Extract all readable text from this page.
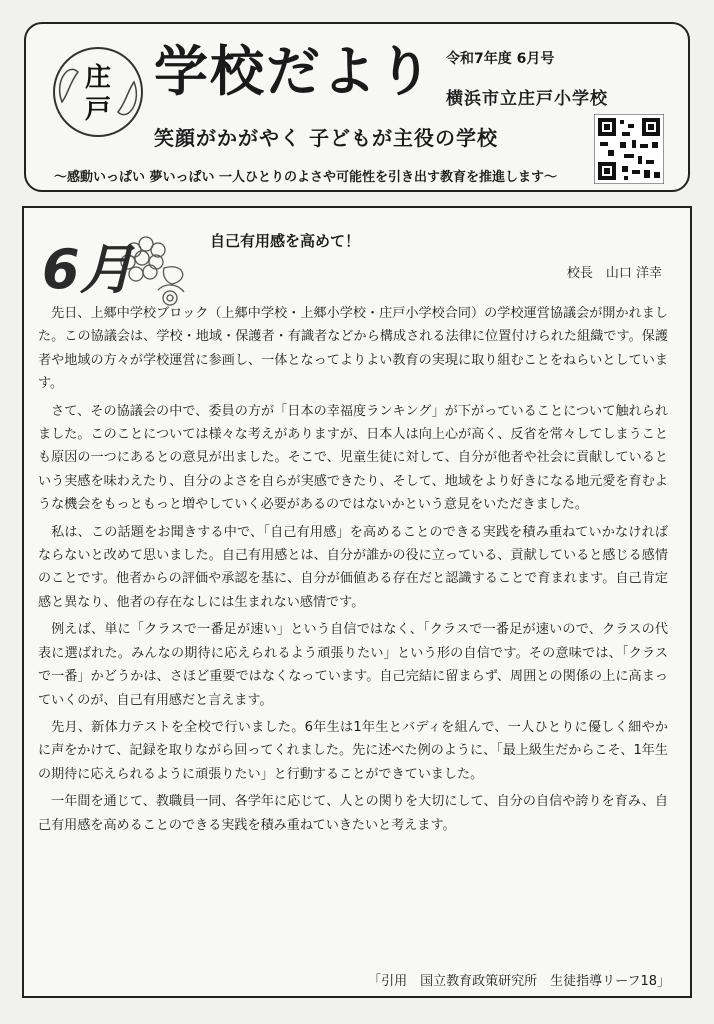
庄
戸
学校だより 令和7年度 6月号
横浜市立庄戸小学校
笑顔がかがやく 子どもが主役の学校
〜感動いっぱい 夢いっぱい 一人ひとりのよさや可能性を引き出す教育を推進します〜
6月	自己有用感を高めて！
校長　山口 洋幸

先日、上郷中学校ブロック（上郷中学校・上郷小学校・庄戸小学校合同）の学校運営協議会が開かれました。この協議会は、学校・地域・保護者・有識者などから構成される法律に位置付けられた組織です。保護者や地域の方々が学校運営に参画し、一体となってよりよい教育の実現に取り組むことをねらいとしています。

さて、その協議会の中で、委員の方が「日本の幸福度ランキング」が下がっていることについて触れられました。このことについては様々な考えがありますが、日本人は向上心が高く、反省を常々してしまうことも原因の一つにあるとの意見が出ました。そこで、児童生徒に対して、自分が他者や社会に貢献しているという実感を味わえたり、自分のよさを自らが実感できたり、そして、地域をより好きになる地元愛を育むような機会をもっともっと増やしていく必要があるのではないかという意見をいただきました。

私は、この話題をお聞きする中で、「自己有用感」を高めることのできる実践を積み重ねていかなければならないと改めて思いました。自己有用感とは、自分が誰かの役に立っている、貢献していると感じる感情のことです。他者からの評価や承認を基に、自分が価値ある存在だと認識することで育まれます。自己肯定感と異なり、他者の存在なしには生まれない感情です。

例えば、単に「クラスで一番足が速い」という自信ではなく、「クラスで一番足が速いので、クラスの代表に選ばれた。みんなの期待に応えられるよう頑張りたい」という形の自信です。その意味では、「クラスで一番」かどうかは、さほど重要ではなくなっています。自己完結に留まらず、周囲との関係の上に高まっていくのが、自己有用感だと言えます。

先月、新体力テストを全校で行いました。6年生は1年生とバディを組んで、一人ひとりに優しく細やかに声をかけて、記録を取りながら回ってくれました。先に述べた例のように、「最上級生だからこそ、1年生の期待に応えられるように頑張りたい」と行動することができていました。

一年間を通じて、教職員一同、各学年に応じて、人との関りを大切にして、自分の自信や誇りを育み、自己有用感を高めることのできる実践を積み重ねていきたいと考えます。

「引用　国立教育政策研究所　生徒指導リーフ18」
